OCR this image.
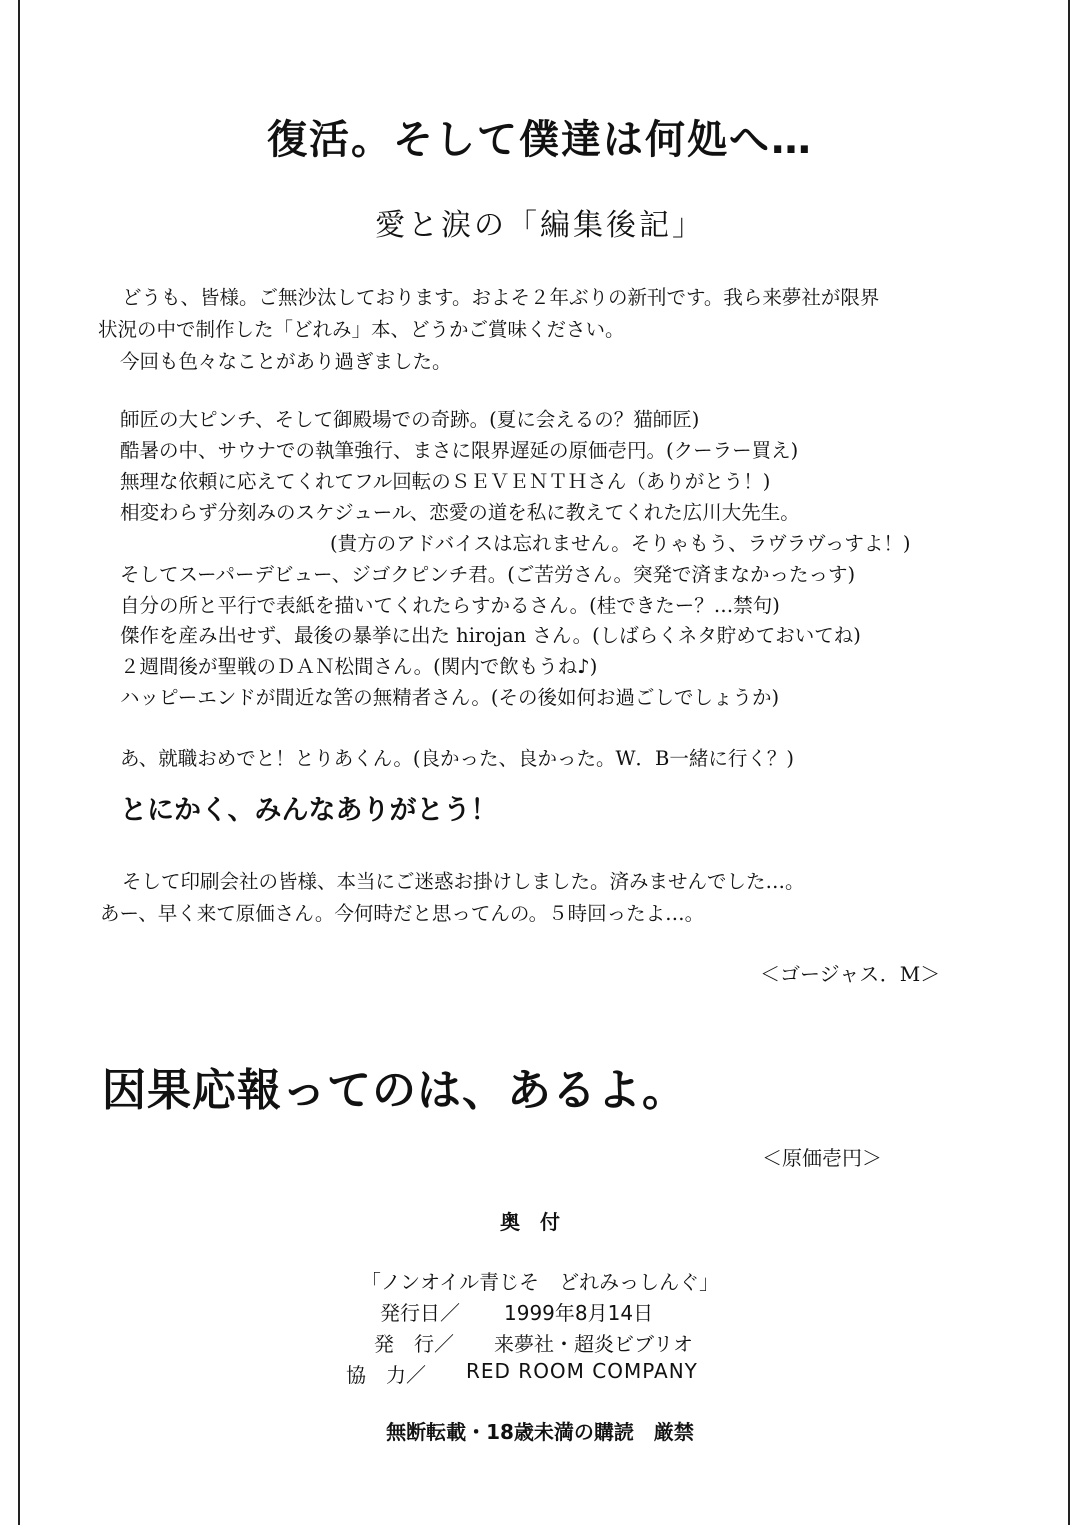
復活。そして僕達は何処へ…
愛と涙の「編集後記」
どうも、皆様。ご無沙汰しております。およそ２年ぶりの新刊です。我ら来夢社が限界
状況の中で制作した「どれみ」本、どうかご賞味ください。
今回も色々なことがあり過ぎました。
師匠の大ピンチ、そして御殿場での奇跡。(夏に会えるの？猫師匠)
酷暑の中、サウナでの執筆強行、まさに限界遅延の原価壱円。(クーラー買え)
無理な依頼に応えてくれてフル回転のＳＥＶＥＮＴＨさん（ありがとう！)
相変わらず分刻みのスケジュール、恋愛の道を私に教えてくれた広川大先生。
(貴方のアドバイスは忘れません。そりゃもう、ラヴラヴっすよ！)
そしてスーパーデビュー、ジゴクピンチ君。(ご苦労さん。突発で済まなかったっす)
自分の所と平行で表紙を描いてくれたらすかるさん。(桂できたー？…禁句)
傑作を産み出せず、最後の暴挙に出た hirojan さん。(しばらくネタ貯めておいてね)
２週間後が聖戦のＤＡＮ松間さん。(関内で飲もうね♪)
ハッピーエンドが間近な筈の無精者さん。(その後如何お過ごしでしょうか)
あ、就職おめでと！とりあくん。(良かった、良かった。W．B一緒に行く？)
とにかく、みんなありがとう！
そして印刷会社の皆様、本当にご迷惑お掛けしました。済みませんでした…。
あー、早く来て原価さん。今何時だと思ってんの。５時回ったよ…。
＜ゴージャス．M＞
因果応報ってのは、あるよ。
＜原価壱円＞
奥付
「ノンオイル青じそ　どれみっしんぐ」
発行日／ 1999年8月14日
発　行／ 来夢社・超炎ビブリオ
協　力／ RED ROOM COMPANY
無断転載・18歳未満の購読　厳禁
